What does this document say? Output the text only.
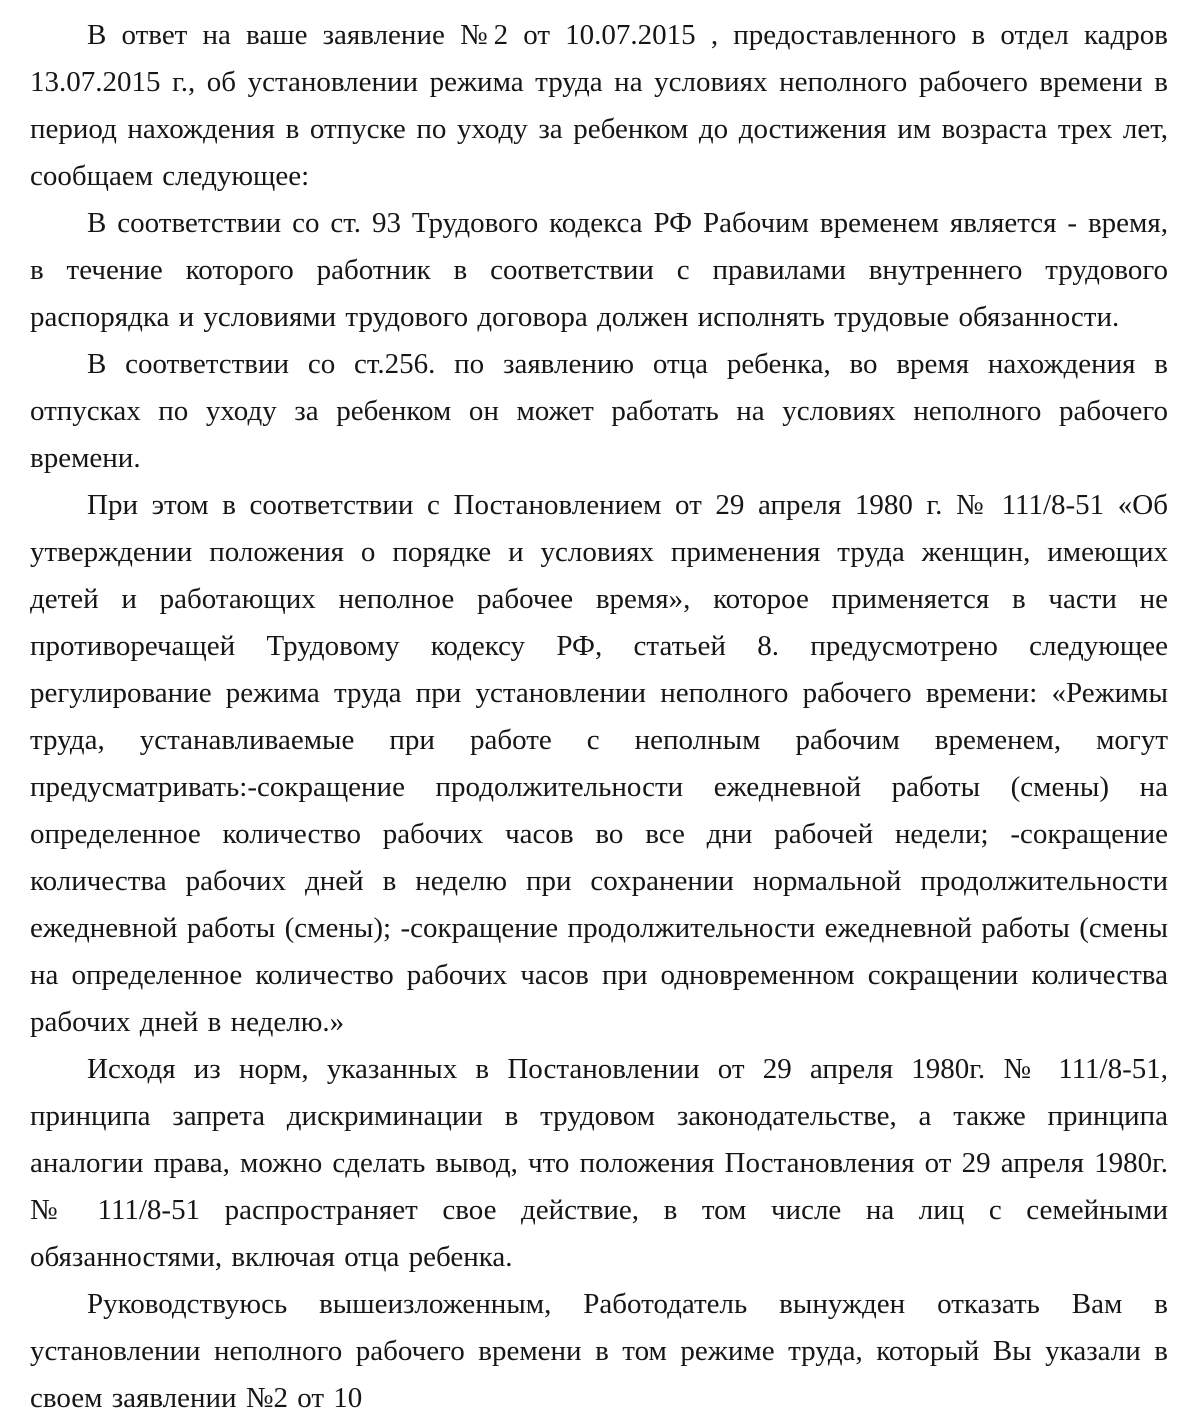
В ответ на ваше заявление №2 от 10.07.2015 , предоставленного в отдел кадров 13.07.2015 г., об установлении режима труда на условиях неполного рабочего времени в период нахождения в отпуске по уходу за ребенком до достижения им возраста трех лет, сообщаем следующее:

В соответствии со ст. 93 Трудового кодекса РФ Рабочим временем является - время, в течение которого работник в соответствии с правилами внутреннего трудового распорядка и условиями трудового договора должен исполнять трудовые обязанности.

В соответствии со ст.256. по заявлению отца ребенка, во время нахождения в отпусках по уходу за ребенком он может работать на условиях неполного рабочего времени.

При этом в соответствии с Постановлением от 29 апреля 1980 г. № 111/8-51 «Об утверждении положения о порядке и условиях применения труда женщин, имеющих детей и работающих неполное рабочее время», которое применяется в части не противоречащей Трудовому кодексу РФ, статьей 8. предусмотрено следующее регулирование режима труда при установлении неполного рабочего времени: «Режимы труда, устанавливаемые при работе с неполным рабочим временем, могут предусматривать:-сокращение продолжительности ежедневной работы (смены) на определенное количество рабочих часов во все дни рабочей недели; -сокращение количества рабочих дней в неделю при сохранении нормальной продолжительности ежедневной работы (смены); -сокращение продолжительности ежедневной работы (смены на определенное количество рабочих часов при одновременном сокращении количества рабочих дней в неделю.»

Исходя из норм, указанных в Постановлении от 29 апреля 1980г. № 111/8-51, принципа запрета дискриминации в трудовом законодательстве, а также принципа аналогии права, можно сделать вывод, что положения Постановления от 29 апреля 1980г. № 111/8-51 распространяет свое действие, в том числе на лиц с семейными обязанностями, включая отца ребенка.

Руководствуюсь вышеизложенным, Работодатель вынужден отказать Вам в установлении неполного рабочего времени в том режиме труда, который Вы указали в своем заявлении №2 от 10
